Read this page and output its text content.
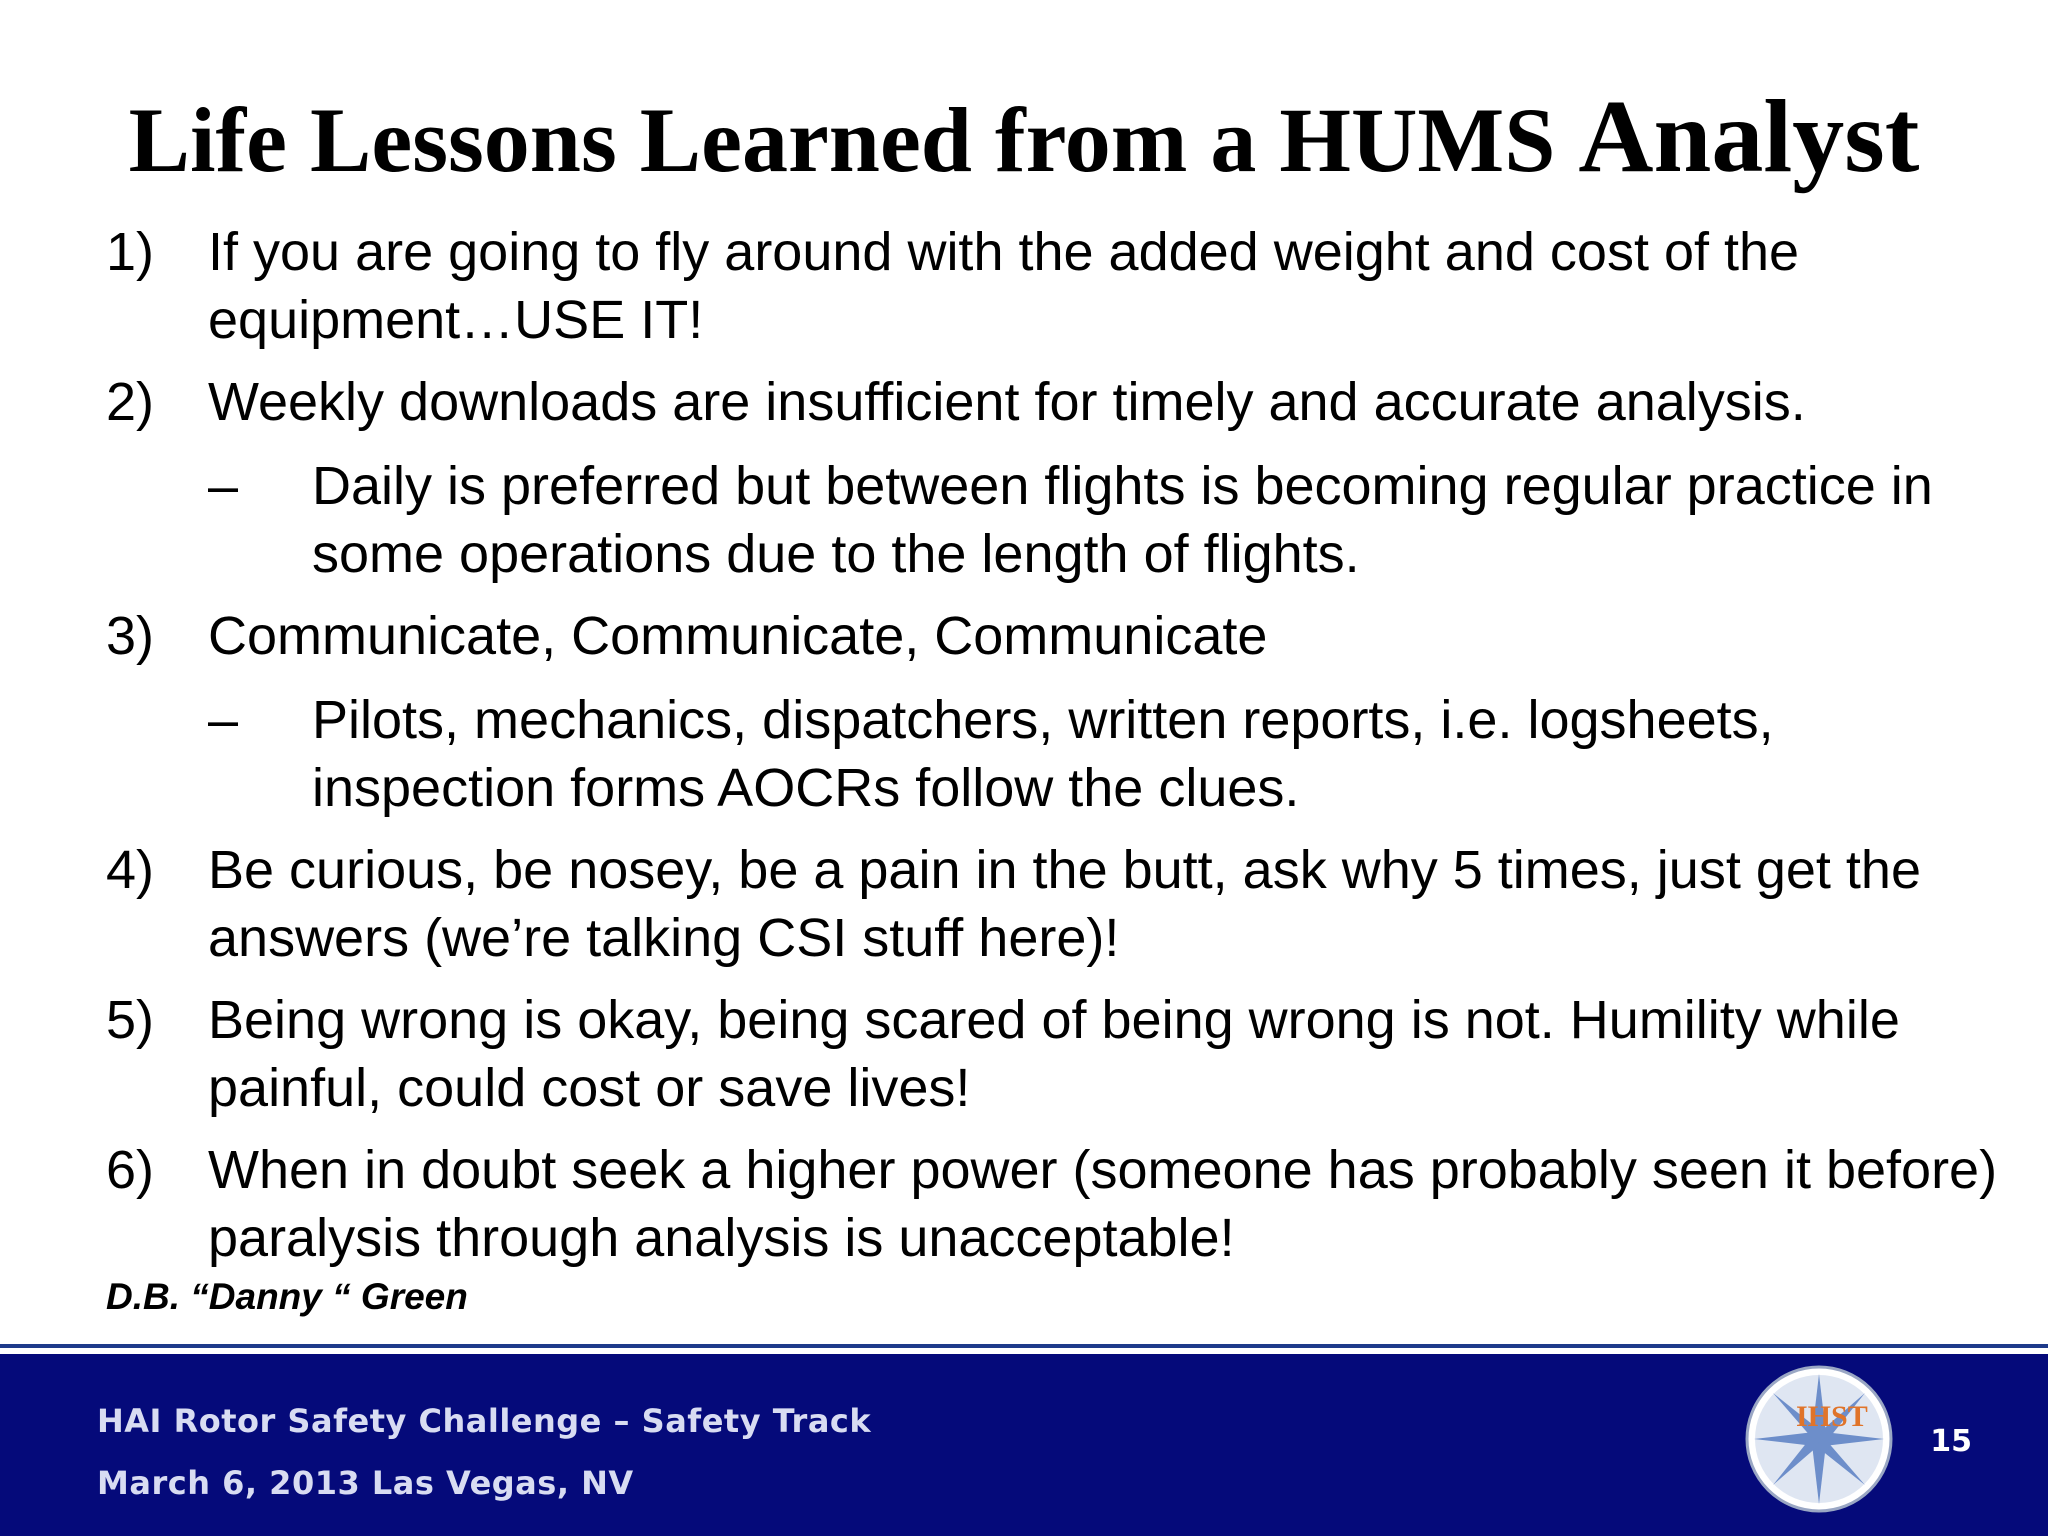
Life Lessons Learned from a HUMS Analyst
1) If you are going to fly around with the added weight and cost of the equipment…USE IT!
2) Weekly downloads are insufficient for timely and accurate analysis.
– Daily is preferred but between flights is becoming regular practice in some operations due to the length of flights.
3) Communicate, Communicate, Communicate
– Pilots, mechanics, dispatchers, written reports, i.e. logsheets, inspection forms AOCRs follow the clues.
4) Be curious, be nosey, be a pain in the butt, ask why 5 times, just get the answers (we’re talking CSI stuff here)!
5) Being wrong is okay, being scared of being wrong is not. Humility while painful, could cost or save lives!
6) When in doubt seek a higher power (someone has probably seen it before) paralysis through analysis is unacceptable!

D.B. “Danny “ Green

HAI Rotor Safety Challenge – Safety Track
March 6, 2013 Las Vegas, NV
IHST
15
